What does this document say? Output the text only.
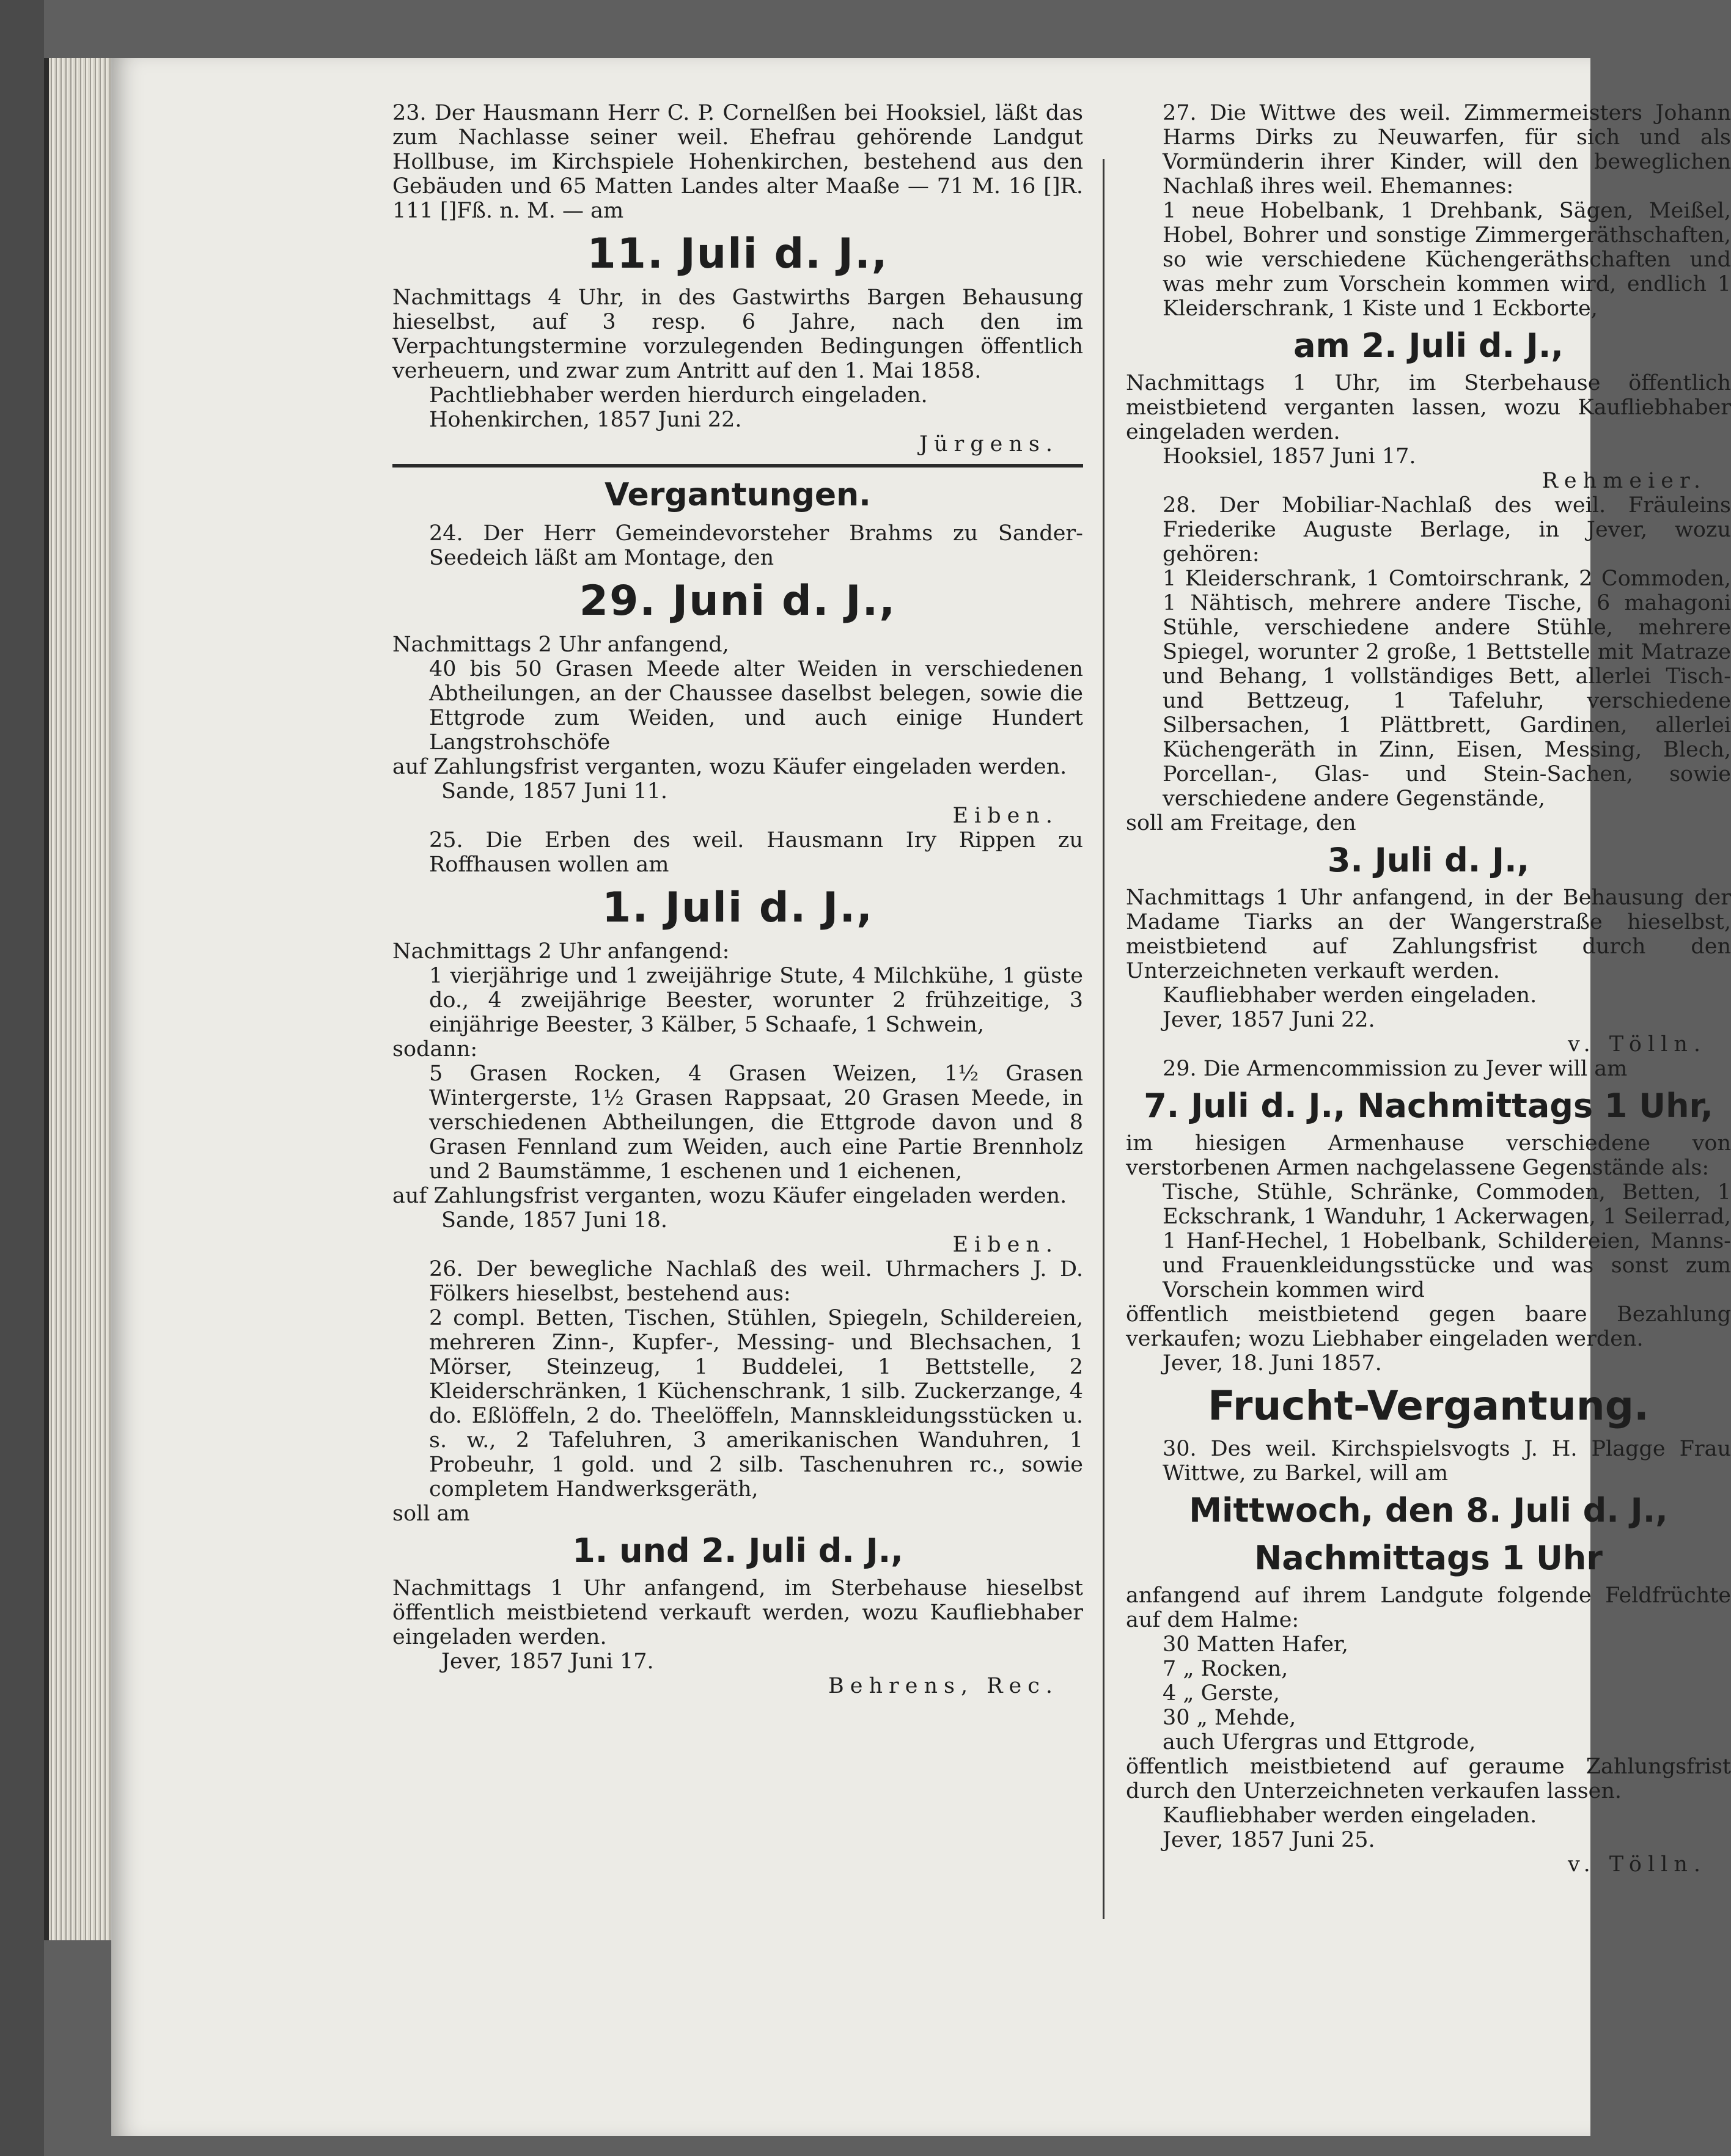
23. Der Hausmann Herr C. P. Cornelßen bei Hooksiel, läßt das zum Nachlasse seiner weil. Ehefrau gehörende Landgut Hollbuse, im Kirchspiele Hohenkirchen, bestehend aus den Gebäuden und 65 Matten Landes alter Maaße — 71 M. 16 []R. 111 []Fß. n. M. — am

11. Juli d. J.,

Nachmittags 4 Uhr, in des Gastwirths Bargen Behausung hieselbst, auf 3 resp. 6 Jahre, nach den im Verpachtungstermine vorzulegenden Bedingungen öffentlich verheuern, und zwar zum Antritt auf den 1. Mai 1858.

Pachtliebhaber werden hierdurch eingeladen.

Hohenkirchen, 1857 Juni 22.

Jürgens.

Vergantungen.

24. Der Herr Gemeindevorsteher Brahms zu Sander-Seedeich läßt am Montage, den

29. Juni d. J.,

Nachmittags 2 Uhr anfangend,

40 bis 50 Grasen Meede alter Weiden in verschiedenen Abtheilungen, an der Chaussee daselbst belegen, sowie die Ettgrode zum Weiden, und auch einige Hundert Langstrohschöfe

auf Zahlungsfrist verganten, wozu Käufer eingeladen werden.

Sande, 1857 Juni 11.

Eiben.

25. Die Erben des weil. Hausmann Iry Rippen zu Roffhausen wollen am

1. Juli d. J.,

Nachmittags 2 Uhr anfangend:

1 vierjährige und 1 zweijährige Stute, 4 Milchkühe, 1 güste do., 4 zweijährige Beester, worunter 2 frühzeitige, 3 einjährige Beester, 3 Kälber, 5 Schaafe, 1 Schwein,

sodann:

5 Grasen Rocken, 4 Grasen Weizen, 1½ Grasen Wintergerste, 1½ Grasen Rappsaat, 20 Grasen Meede, in verschiedenen Abtheilungen, die Ettgrode davon und 8 Grasen Fennland zum Weiden, auch eine Partie Brennholz und 2 Baumstämme, 1 eschenen und 1 eichenen,

auf Zahlungsfrist verganten, wozu Käufer eingeladen werden.

Sande, 1857 Juni 18.

Eiben.

26. Der bewegliche Nachlaß des weil. Uhrmachers J. D. Fölkers hieselbst, bestehend aus:

2 compl. Betten, Tischen, Stühlen, Spiegeln, Schildereien, mehreren Zinn-, Kupfer-, Messing- und Blechsachen, 1 Mörser, Steinzeug, 1 Buddelei, 1 Bettstelle, 2 Kleiderschränken, 1 Küchenschrank, 1 silb. Zuckerzange, 4 do. Eßlöffeln, 2 do. Theelöffeln, Mannskleidungsstücken u. s. w., 2 Tafeluhren, 3 amerikanischen Wanduhren, 1 Probeuhr, 1 gold. und 2 silb. Taschenuhren rc., sowie completem Handwerksgeräth,

soll am

1. und 2. Juli d. J.,

Nachmittags 1 Uhr anfangend, im Sterbehause hieselbst öffentlich meistbietend verkauft werden, wozu Kaufliebhaber eingeladen werden.

Jever, 1857 Juni 17.

Behrens, Rec.

27. Die Wittwe des weil. Zimmermeisters Johann Harms Dirks zu Neuwarfen, für sich und als Vormünderin ihrer Kinder, will den beweglichen Nachlaß ihres weil. Ehemannes:

1 neue Hobelbank, 1 Drehbank, Sägen, Meißel, Hobel, Bohrer und sonstige Zimmergeräthschaften, so wie verschiedene Küchengeräthschaften und was mehr zum Vorschein kommen wird, endlich 1 Kleiderschrank, 1 Kiste und 1 Eckborte,

am 2. Juli d. J.,

Nachmittags 1 Uhr, im Sterbehause öffentlich meistbietend verganten lassen, wozu Kaufliebhaber eingeladen werden.

Hooksiel, 1857 Juni 17.

Rehmeier.

28. Der Mobiliar-Nachlaß des weil. Fräuleins Friederike Auguste Berlage, in Jever, wozu gehören:

1 Kleiderschrank, 1 Comtoirschrank, 2 Commoden, 1 Nähtisch, mehrere andere Tische, 6 mahagoni Stühle, verschiedene andere Stühle, mehrere Spiegel, worunter 2 große, 1 Bettstelle mit Matraze und Behang, 1 vollständiges Bett, allerlei Tisch- und Bettzeug, 1 Tafeluhr, verschiedene Silbersachen, 1 Plättbrett, Gardinen, allerlei Küchengeräth in Zinn, Eisen, Messing, Blech, Porcellan-, Glas- und Stein-Sachen, sowie verschiedene andere Gegenstände,

soll am Freitage, den

3. Juli d. J.,

Nachmittags 1 Uhr anfangend, in der Behausung der Madame Tiarks an der Wangerstraße hieselbst, meistbietend auf Zahlungsfrist durch den Unterzeichneten verkauft werden.

Kaufliebhaber werden eingeladen.

Jever, 1857 Juni 22.

v. Tölln.

29. Die Armencommission zu Jever will am

7. Juli d. J., Nachmittags 1 Uhr,

im hiesigen Armenhause verschiedene von verstorbenen Armen nachgelassene Gegenstände als:

Tische, Stühle, Schränke, Commoden, Betten, 1 Eckschrank, 1 Wanduhr, 1 Ackerwagen, 1 Seilerrad, 1 Hanf-Hechel, 1 Hobelbank, Schildereien, Manns- und Frauenkleidungsstücke und was sonst zum Vorschein kommen wird

öffentlich meistbietend gegen baare Bezahlung verkaufen; wozu Liebhaber eingeladen werden.

Jever, 18. Juni 1857.

Frucht-Vergantung.

30. Des weil. Kirchspielsvogts J. H. Plagge Frau Wittwe, zu Barkel, will am

Mittwoch, den 8. Juli d. J.,
Nachmittags 1 Uhr

anfangend auf ihrem Landgute folgende Feldfrüchte auf dem Halme:

30 Matten Hafer,

7 „ Rocken,

4 „ Gerste,

30 „ Mehde,

auch Ufergras und Ettgrode,

öffentlich meistbietend auf geraume Zahlungsfrist durch den Unterzeichneten verkaufen lassen.

Kaufliebhaber werden eingeladen.

Jever, 1857 Juni 25.

v. Tölln.
